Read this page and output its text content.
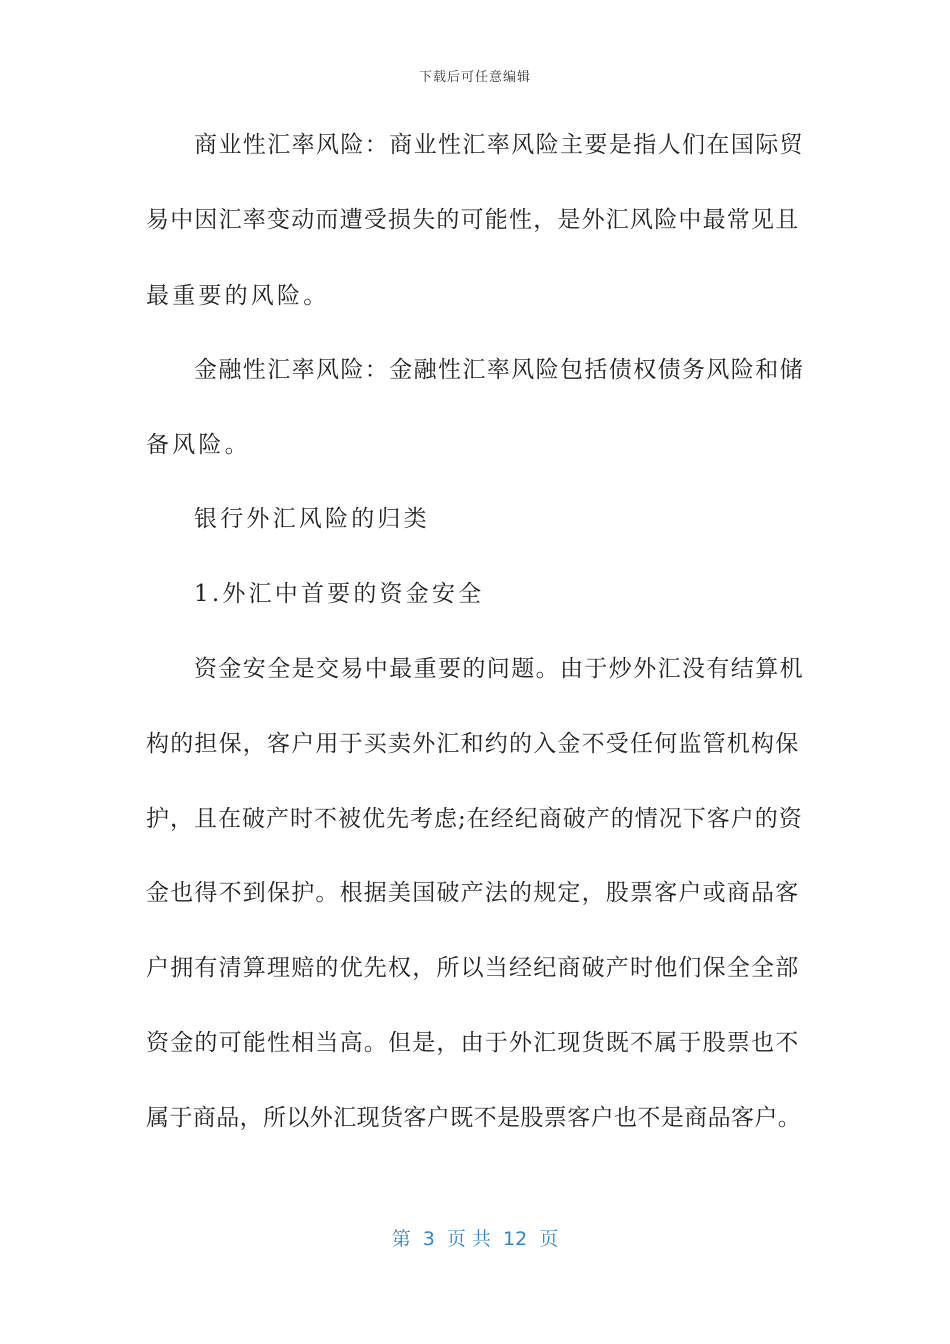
下载后可任意编辑
商业性汇率风险：商业性汇率风险主要是指人们在国际贸
易中因汇率变动而遭受损失的可能性，是外汇风险中最常见且
最重要的风险。
金融性汇率风险：金融性汇率风险包括债权债务风险和储
备风险。
银行外汇风险的归类
1.外汇中首要的资金安全
资金安全是交易中最重要的问题。由于炒外汇没有结算机
构的担保，客户用于买卖外汇和约的入金不受任何监管机构保
护，且在破产时不被优先考虑;在经纪商破产的情况下客户的资
金也得不到保护。根据美国破产法的规定，股票客户或商品客
户拥有清算理赔的优先权，所以当经纪商破产时他们保全全部
资金的可能性相当高。但是，由于外汇现货既不属于股票也不
属于商品，所以外汇现货客户既不是股票客户也不是商品客户。
第  3  页 共  12  页
